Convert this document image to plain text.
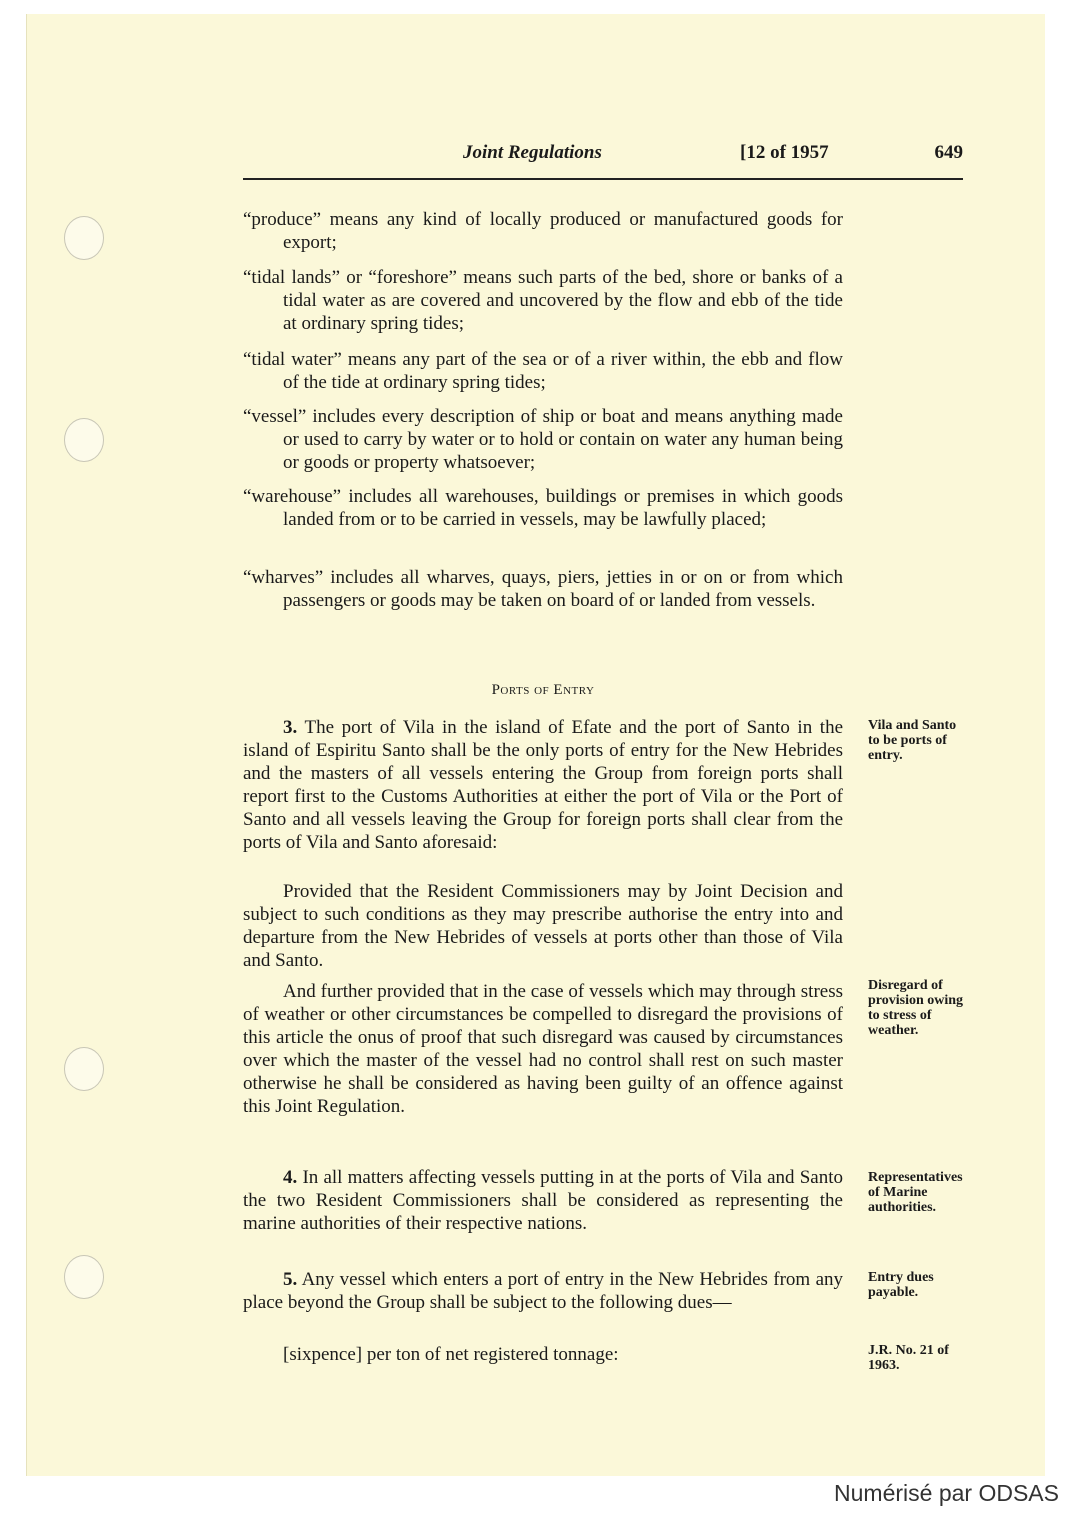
Joint Regulations	[12 of 1957	649
“produce” means any kind of locally produced or manufactured goods for export;
“tidal lands” or “foreshore” means such parts of the bed, shore or banks of a tidal water as are covered and uncovered by the flow and ebb of the tide at ordinary spring tides;
“tidal water” means any part of the sea or of a river within, the ebb and flow of the tide at ordinary spring tides;
“vessel” includes every description of ship or boat and means anything made or used to carry by water or to hold or contain on water any human being or goods or property whatsoever;
“warehouse” includes all warehouses, buildings or premises in which goods landed from or to be carried in vessels, may be lawfully placed;
“wharves” includes all wharves, quays, piers, jetties in or on or from which passengers or goods may be taken on board of or landed from vessels.
Ports of Entry
3. The port of Vila in the island of Efate and the port of Santo in the island of Espiritu Santo shall be the only ports of entry for the New Hebrides and the masters of all vessels entering the Group from foreign ports shall report first to the Customs Authorities at either the port of Vila or the Port of Santo and all vessels leaving the Group for foreign ports shall clear from the ports of Vila and Santo aforesaid:
Provided that the Resident Commissioners may by Joint Decision and subject to such conditions as they may prescribe authorise the entry into and departure from the New Hebrides of vessels at ports other than those of Vila and Santo.
And further provided that in the case of vessels which may through stress of weather or other circumstances be compelled to disregard the provisions of this article the onus of proof that such disregard was caused by circumstances over which the master of the vessel had no control shall rest on such master otherwise he shall be considered as having been guilty of an offence against this Joint Regulation.
4. In all matters affecting vessels putting in at the ports of Vila and Santo the two Resident Commissioners shall be considered as representing the marine authorities of their respective nations.
5. Any vessel which enters a port of entry in the New Hebrides from any place beyond the Group shall be subject to the following dues—
[sixpence] per ton of net registered tonnage:
Vila and Santo to be ports of entry.
Disregard of provision owing to stress of weather.
Representatives of Marine authorities.
Entry dues payable.
J.R. No. 21 of 1963.
Numérisé par ODSAS
